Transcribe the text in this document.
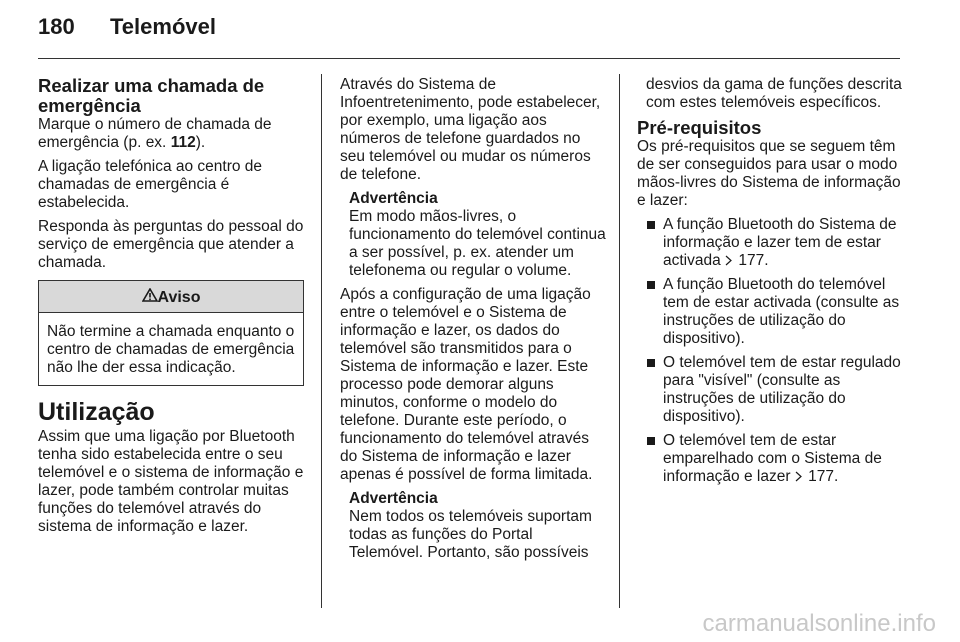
180 Telemóvel
Realizar uma chamada de emergência

Marque o número de chamada de emergência (p. ex. 112).

A ligação telefónica ao centro de chamadas de emergência é estabelecida.

Responda às perguntas do pessoal do serviço de emergência que atender a chamada.

Aviso
Não termine a chamada enquanto o centro de chamadas de emergência não lhe der essa indicação.
Utilização

Assim que uma ligação por Bluetooth tenha sido estabelecida entre o seu telemóvel e o sistema de informação e lazer, pode também controlar muitas funções do telemóvel através do sistema de informação e lazer.

Através do Sistema de Infoentretenimento, pode estabelecer, por exemplo, uma ligação aos números de telefone guardados no seu telemóvel ou mudar os números de telefone.

Advertência
Em modo mãos-livres, o funcionamento do telemóvel continua a ser possível, p. ex. atender um telefonema ou regular o volume.

Após a configuração de uma ligação entre o telemóvel e o Sistema de informação e lazer, os dados do telemóvel são transmitidos para o Sistema de informação e lazer. Este processo pode demorar alguns minutos, conforme o modelo do telefone. Durante este período, o funcionamento do telemóvel através do Sistema de informação e lazer apenas é possível de forma limitada.

Advertência
Nem todos os telemóveis suportam todas as funções do Portal Telemóvel. Portanto, são possíveis

desvios da gama de funções descrita com estes telemóveis específicos.

Pré-requisitos

Os pré-requisitos que se seguem têm de ser conseguidos para usar o modo mãos-livres do Sistema de informação e lazer:

A função Bluetooth do Sistema de informação e lazer tem de estar activada  177.
A função Bluetooth do telemóvel tem de estar activada (consulte as instruções de utilização do dispositivo).
O telemóvel tem de estar regulado para "visível" (consulte as instruções de utilização do dispositivo).
O telemóvel tem de estar emparelhado com o Sistema de informação e lazer  177.
carmanualsonline.info
